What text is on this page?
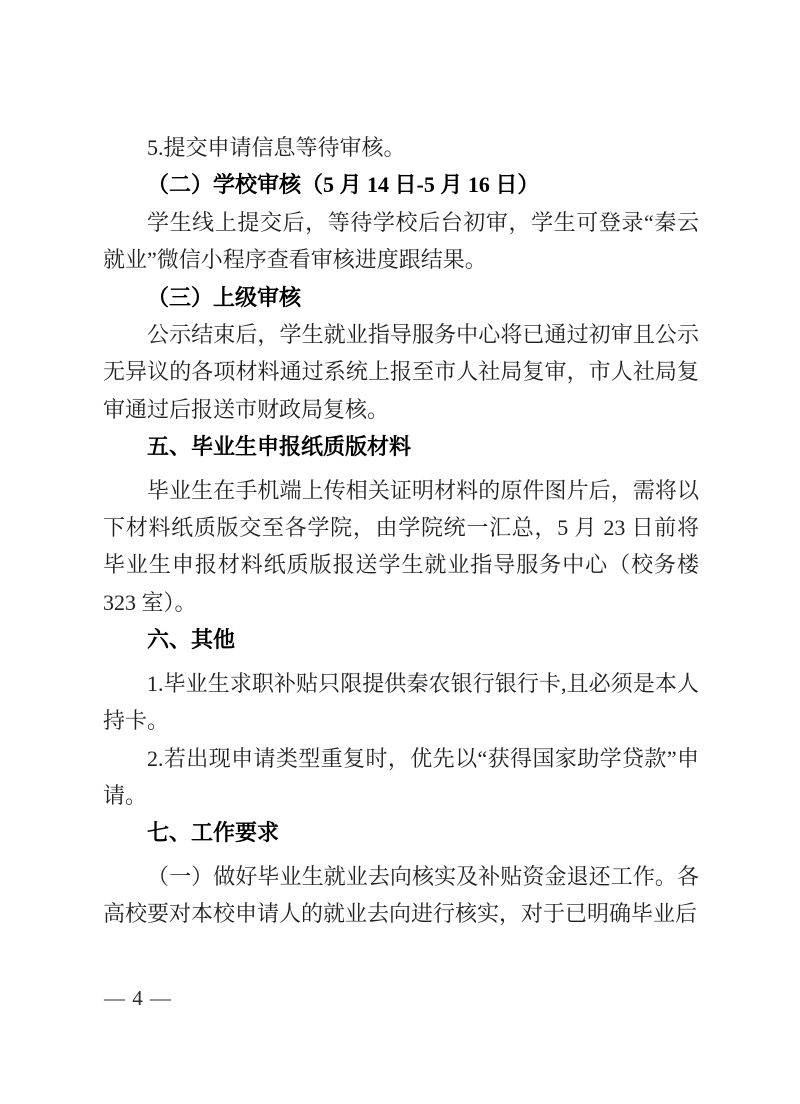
5.提交申请信息等待审核。

（二）学校审核（5 月 14 日-5 月 16 日）

学生线上提交后，等待学校后台初审，学生可登录“秦云就业”微信小程序查看审核进度跟结果。

（三）上级审核

公示结束后，学生就业指导服务中心将已通过初审且公示无异议的各项材料通过系统上报至市人社局复审，市人社局复审通过后报送市财政局复核。

五、毕业生申报纸质版材料

毕业生在手机端上传相关证明材料的原件图片后，需将以下材料纸质版交至各学院，由学院统一汇总，5 月 23 日前将毕业生申报材料纸质版报送学生就业指导服务中心（校务楼 323 室）。

六、其他

1.毕业生求职补贴只限提供秦农银行银行卡,且必须是本人持卡。

2.若出现申请类型重复时，优先以“获得国家助学贷款”申请。

七、工作要求

（一）做好毕业生就业去向核实及补贴资金退还工作。各高校要对本校申请人的就业去向进行核实，对于已明确毕业后

— 4 —
